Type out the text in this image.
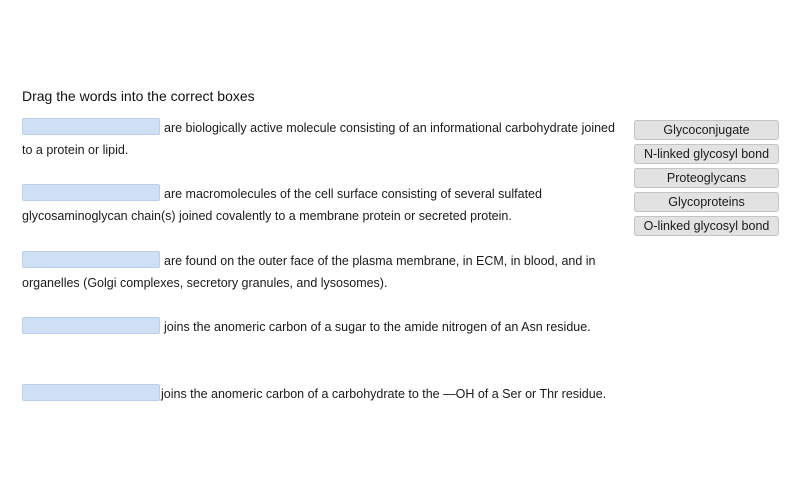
Drag the words into the correct boxes
are biologically active molecule consisting of an informational carbohydrate joined
to a protein or lipid.
are macromolecules of the cell surface consisting of several sulfated
glycosaminoglycan chain(s) joined covalently to a membrane protein or secreted protein.
are found on the outer face of the plasma membrane, in ECM, in blood, and in
organelles (Golgi complexes, secretory granules, and lysosomes).
joins the anomeric carbon of a sugar to the amide nitrogen of an Asn residue.
joins the anomeric carbon of a carbohydrate to the —OH of a Ser or Thr residue.
Glycoconjugate
N-linked glycosyl bond
Proteoglycans
Glycoproteins
O-linked glycosyl bond
